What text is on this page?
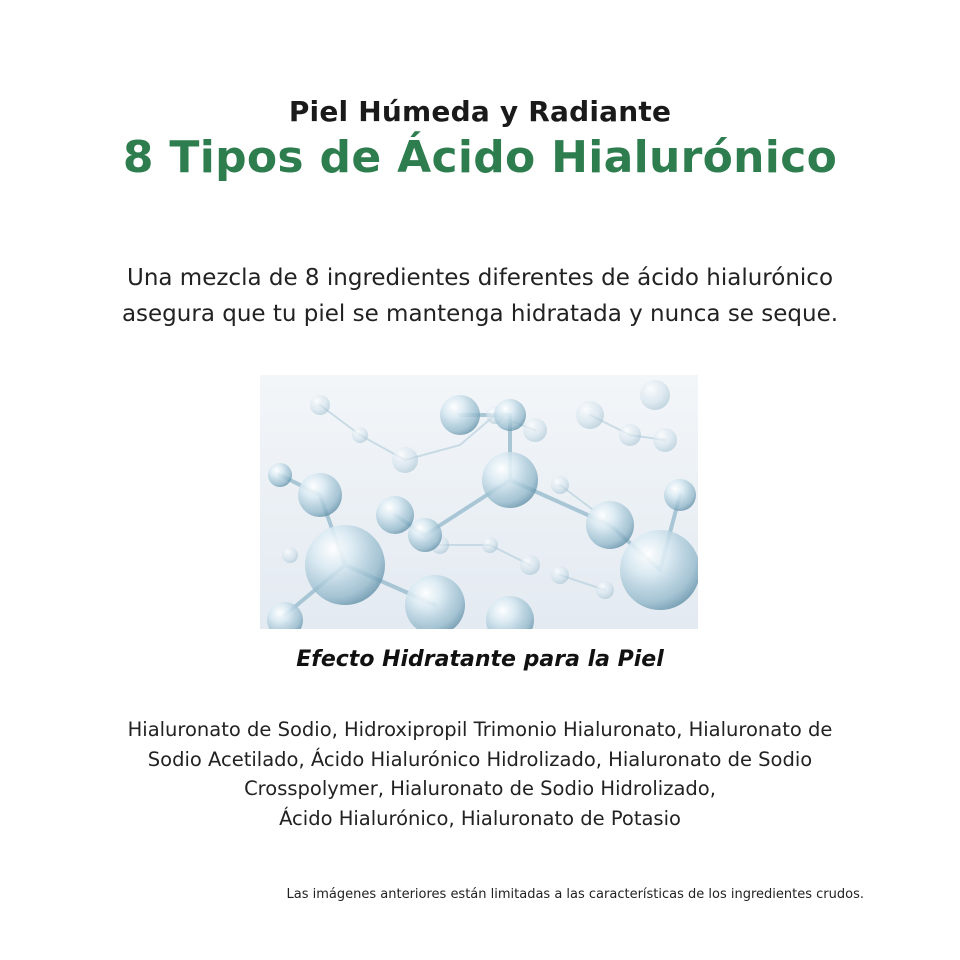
Piel Húmeda y Radiante
8 Tipos de Ácido Hialurónico
Una mezcla de 8 ingredientes diferentes de ácido hialurónico
asegura que tu piel se mantenga hidratada y nunca se seque.
Efecto Hidratante para la Piel
Hialuronato de Sodio, Hidroxipropil Trimonio Hialuronato, Hialuronato de
Sodio Acetilado, Ácido Hialurónico Hidrolizado, Hialuronato de Sodio
Crosspolymer, Hialuronato de Sodio Hidrolizado,
Ácido Hialurónico, Hialuronato de Potasio
Las imágenes anteriores están limitadas a las características de los ingredientes crudos.
